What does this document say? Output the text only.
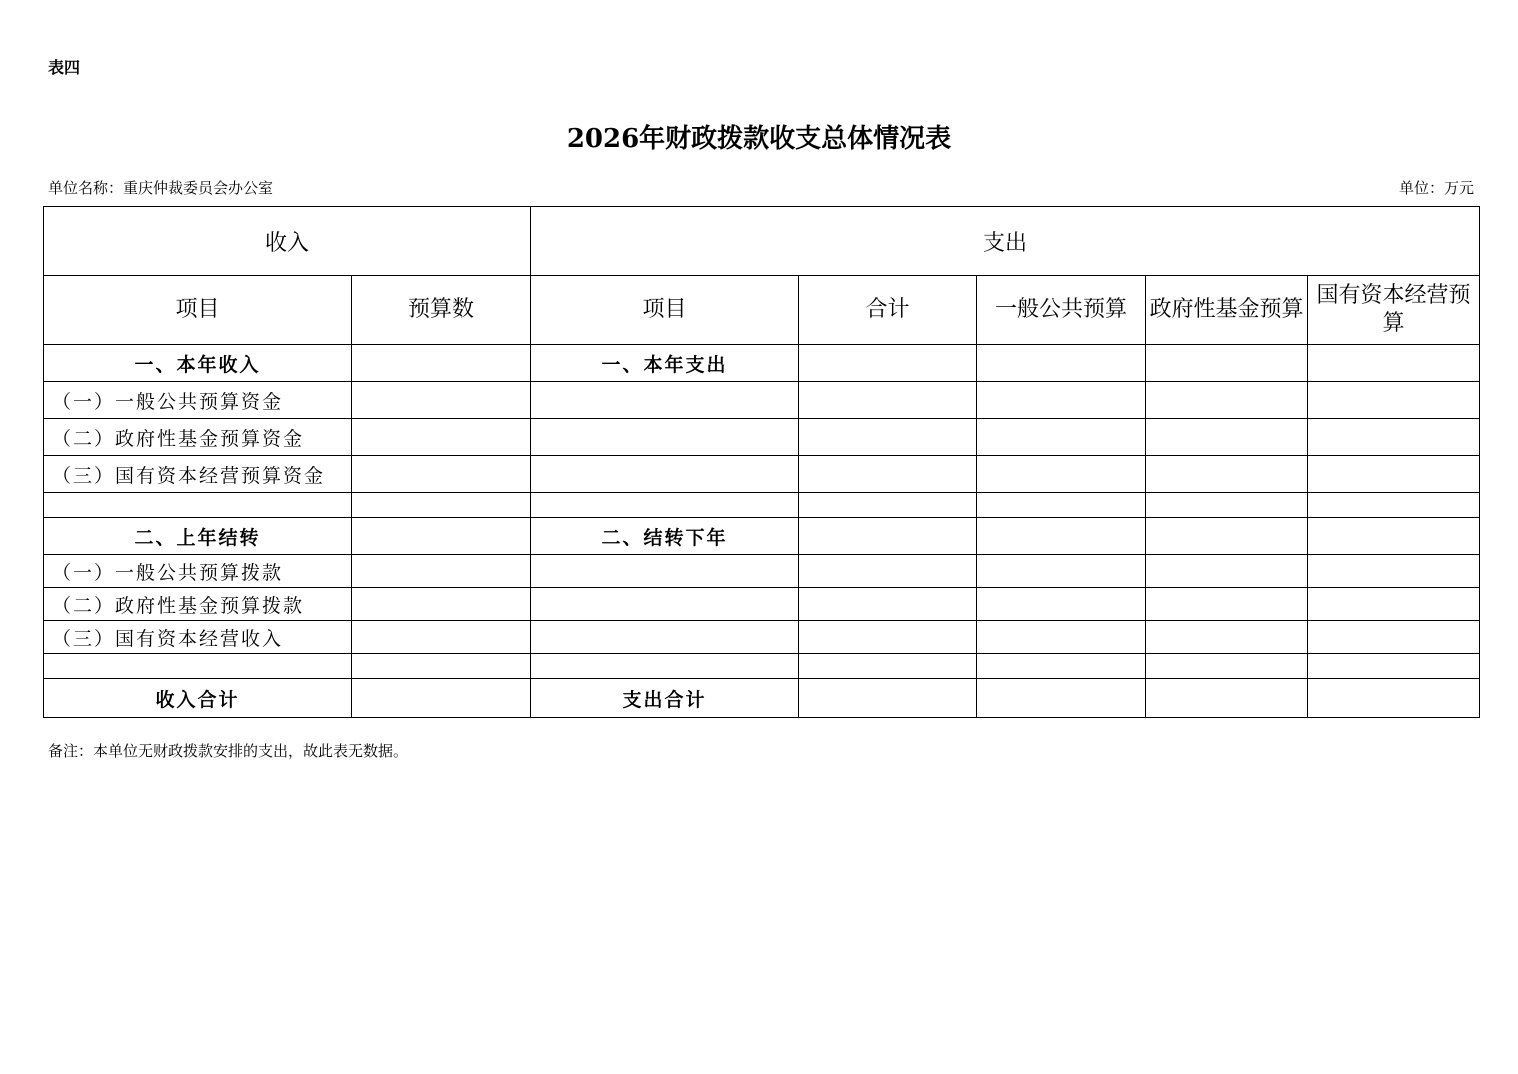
表四
2026年财政拨款收支总体情况表
单位名称：重庆仲裁委员会办公室	单位：万元
收入		支出				
项目	预算数	项目	合计	一般公共预算	政府性基金预算	国有资本经营预算
一、本年收入		一、本年支出				
（一）一般公共预算资金						
（二）政府性基金预算资金						
（三）国有资本经营预算资金						

二、上年结转		二、结转下年				
（一）一般公共预算拨款						
（二）政府性基金预算拨款						
（三）国有资本经营收入						

收入合计		支出合计				
备注：本单位无财政拨款安排的支出，故此表无数据。
